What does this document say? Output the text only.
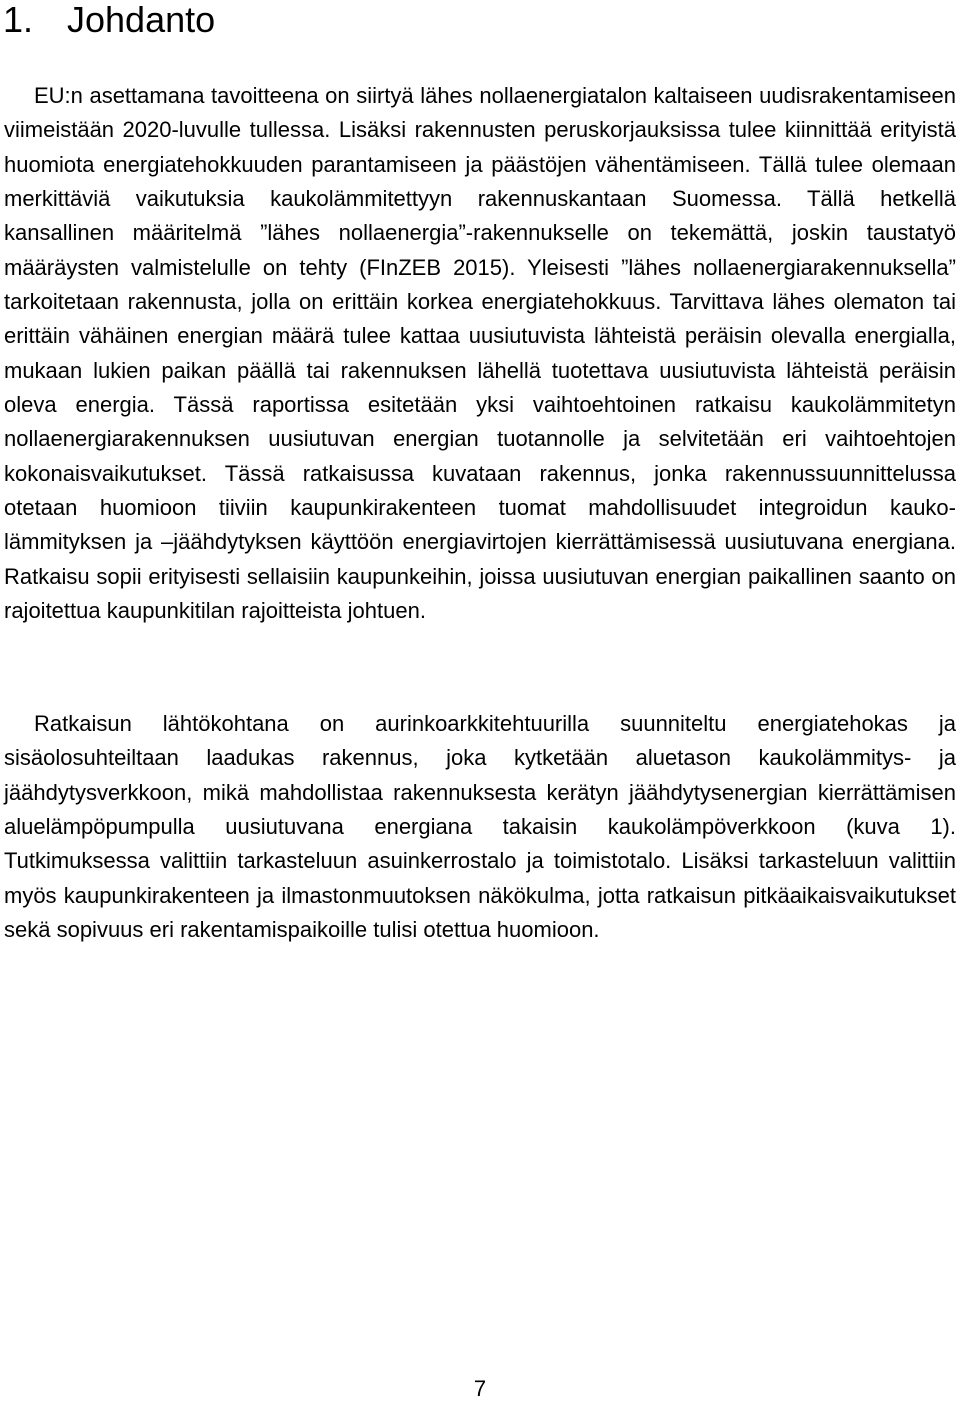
1. Johdanto

EU:n asettamana tavoitteena on siirtyä lähes nollaenergiatalon kaltaiseen uudisrakentamiseen viimeistään 2020-luvulle tullessa. Lisäksi rakennusten peruskorjauksissa tulee kiinnittää erityistä huomiota energiatehokkuuden parantamiseen ja päästöjen vähentämiseen. Tällä tulee olemaan merkittäviä vaikutuksia kaukolämmitettyyn rakennuskantaan Suomessa. Tällä hetkellä kansallinen määritelmä ”lähes nollaenergia”-rakennukselle on tekemättä, joskin taustatyö määräysten valmistelulle on tehty (FInZEB 2015). Yleisesti ”lähes nollaenergiarakennuksella” tarkoitetaan rakennusta, jolla on erittäin korkea energiatehokkuus. Tarvittava lähes olematon tai erittäin vähäinen energian määrä tulee kattaa uusiutuvista lähteistä peräisin olevalla energialla, mukaan lukien paikan päällä tai rakennuksen lähellä tuotettava uusiutuvista lähteistä peräisin oleva energia. Tässä raportissa esitetään yksi vaihtoehtoinen ratkaisu kaukolämmitetyn nollaenergiarakennuksen uusiutuvan energian tuotannolle ja selvitetään eri vaihtoehtojen kokonaisvaikutukset. Tässä ratkaisussa kuvataan rakennus, jonka rakennussuunnittelussa otetaan huomioon tiiviin kaupunkirakenteen tuomat mahdollisuudet integroidun kaukolämmityksen ja –jäähdytyksen käyttöön energiavirtojen kierrättämisessä uusiutuvana energiana. Ratkaisu sopii erityisesti sellaisiin kaupunkeihin, joissa uusiutuvan energian paikallinen saanto on rajoitettua kaupunkitilan rajoitteista johtuen.

Ratkaisun lähtökohtana on aurinkoarkkitehtuurilla suunniteltu energiatehokas ja sisäolosuhteiltaan laadukas rakennus, joka kytketään aluetason kaukolämmitys- ja jäähdytysverkkoon, mikä mahdollistaa rakennuksesta kerätyn jäähdytysenergian kierrättämisen aluelämpöpumpulla uusiutuvana energiana takaisin kaukolämpöverkkoon (kuva 1). Tutkimuksessa valittiin tarkasteluun asuinkerrostalo ja toimistotalo. Lisäksi tarkasteluun valittiin myös kaupunkirakenteen ja ilmastonmuutoksen näkökulma, jotta ratkaisun pitkäaikaisvaikutukset sekä sopivuus eri rakentamispaikoille tulisi otettua huomioon.

7
